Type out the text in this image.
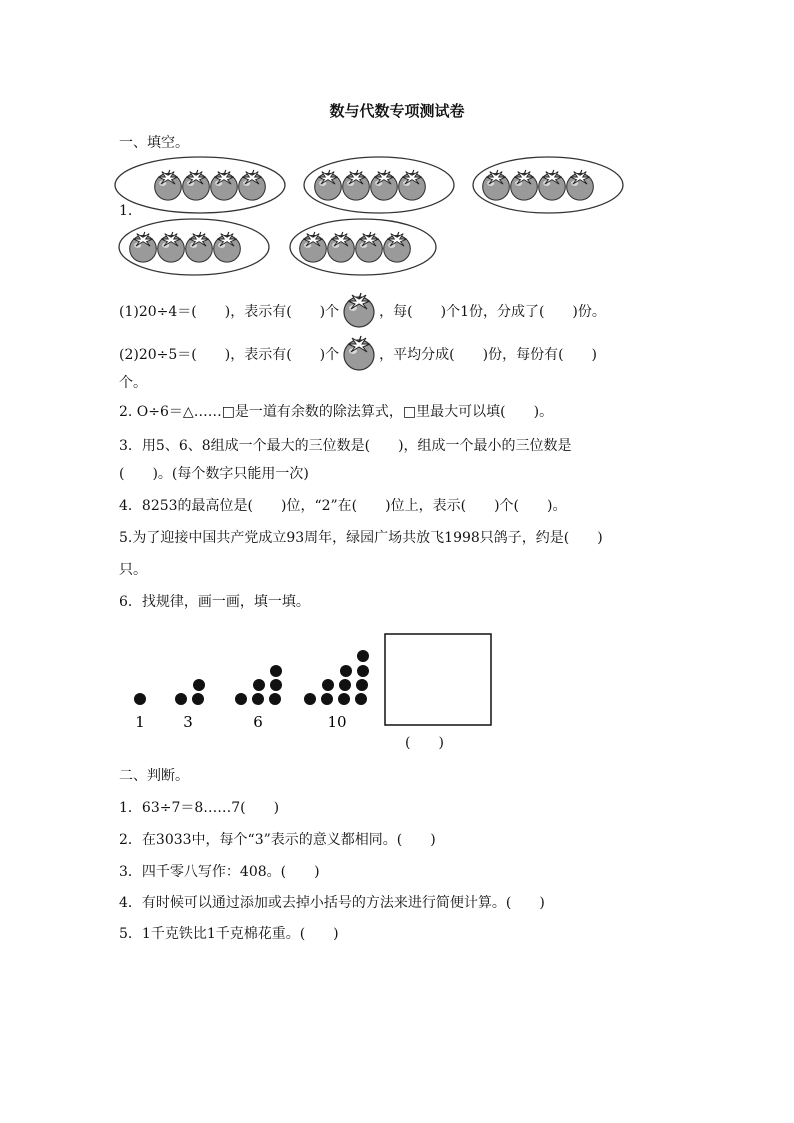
数与代数专项测试卷
一、填空。
1.
(1)20÷4＝(　　)，表示有(　　)个	，每(　　)个1份，分成了(　　)份。
(2)20÷5＝(　　)，表示有(　　)个	，平均分成(　　)份，每份有(　　)
个。
2. O÷6＝△……□是一道有余数的除法算式，□里最大可以填(　　)。
3．用5、6、8组成一个最大的三位数是(　　)，组成一个最小的三位数是
(　　)。(每个数字只能用一次)
4．8253的最高位是(　　)位，“2”在(　　)位上，表示(　　)个(　　)。
5.为了迎接中国共产党成立93周年，绿园广场共放飞1998只鸽子，约是(　　)
只。
6．找规律，画一画，填一填。
1	3	6	10
(　　)
二、判断。
1．63÷7＝8……7(　　)
2．在3033中，每个“3”表示的意义都相同。(　　)
3．四千零八写作：408。(　　)
4．有时候可以通过添加或去掉小括号的方法来进行简便计算。(　　)
5．1千克铁比1千克棉花重。(　　)
